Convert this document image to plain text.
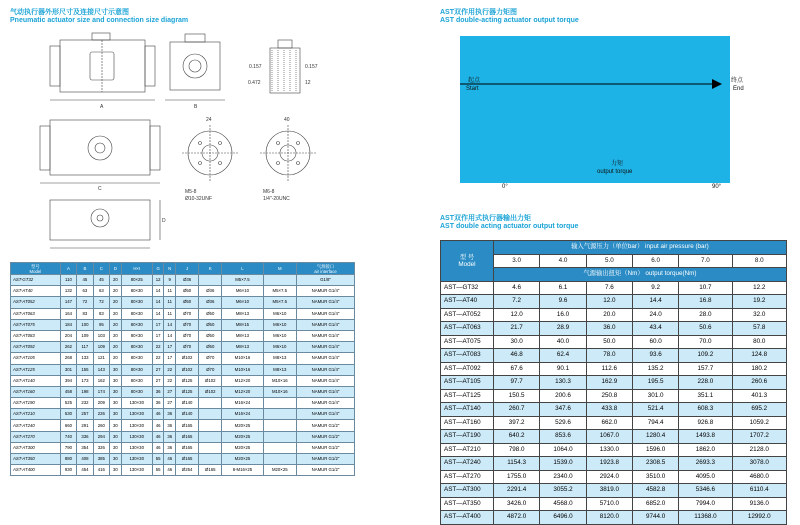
气动执行器外形尺寸及连接尺寸示意图
Pneumatic actuator size and connection size diagram
A	B
C
D
0.157	0.157
0.472	12
24	40
M5-8
Ø10-32UNF
M6-8
1/4"-20UNC
型号
Model	A	B	C	D	H×I	G	N	J	K	L	M	气源接口
air interface
AST-GT32	110	45	45	20	80×25	12	9	Ø36		M5×7.5		G1/8"
AST-AT40	132	63	63	20	80×30	14	11	Ø50	Ø36	M6×10	M5×7.5	NAMUR G1/4"
AST-AT052	147	72	72	20	80×30	14	11	Ø50	Ø36	M6×10	M5×7.5	NAMUR G1/4"
AST-AT063	164	83	83	20	80×30	14	11	Ø70	Ø50	M8×13	M6×10	NAMUR G1/4"
AST-AT075	184	100	95	20	80×30	17	14	Ø70	Ø50	M8×15	M6×10	NAMUR G1/4"
AST-AT083	204	109	103	20	80×30	17	14	Ø70	Ø50	M8×13	M6×10	NAMUR G1/4"
AST-AT092	262	117	109	20	80×30	22	17	Ø70	Ø50	M8×13	M6×10	NAMUR G1/4"
AST-AT105	268	133	121	20	80×30	22	17	Ø102	Ø70	M10×16	M8×13	NAMUR G1/4"
AST-AT125	301	155	143	30	80×30	27	22	Ø102	Ø70	M10×16	M8×13	NAMUR G1/4"
AST-AT140	394	173	162	30	80×30	27	22	Ø125	Ø102	M12×20	M10×16	NAMUR G1/4"
AST-AT160	458	198	174	30	80×30	36	27	Ø125	Ø102	M12×20	M10×16	NAMUR G1/4"
AST-AT190	525	232	209	30	130×30	36	27	Ø140		M16×24		NAMUR G1/4"
AST-AT210	530	257	226	30	130×30	46	36	Ø140		M16×24		NAMUR G1/4"
AST-AT240	660	291	260	30	130×30	46	36	Ø165		M20×25		NAMUR G1/2"
AST-AT270	740	336	294	30	130×30	46	36	Ø165		M20×25		NAMUR G1/2"
AST-AT300	790	354	326	30	130×30	46	36	Ø165		M20×25		NAMUR G1/2"
AST-AT350	880	408	385	30	130×30	55	46	Ø165		M20×25		NAMUR G1/2"
AST-AT400	930	454	416	30	130×30	55	46	Ø254	Ø165	8-M16×25	M20×25	NAMUR G1/2"
AST双作用执行器力矩图
AST double-acting actuator output torque
起点
Start
终点
End
力矩
output torque
0°	90°
AST双作用式执行器输出力矩
AST double acting actuator output torque
型 号
Model	输入气源压力（单位bar） input air pressure (bar)					
	3.0	4.0	5.0	6.0	7.0	8.0
	气源输出扭矩（Nm） output torque(Nm)					
AST—GT32	4.6	6.1	7.6	9.2	10.7	12.2
AST—AT40	7.2	9.6	12.0	14.4	16.8	19.2
AST—AT052	12.0	16.0	20.0	24.0	28.0	32.0
AST—AT063	21.7	28.9	36.0	43.4	50.6	57.8
AST—AT075	30.0	40.0	50.0	60.0	70.0	80.0
AST—AT083	46.8	62.4	78.0	93.6	109.2	124.8
AST—AT092	67.6	90.1	112.6	135.2	157.7	180.2
AST—AT105	97.7	130.3	162.9	195.5	228.0	260.6
AST—AT125	150.5	200.6	250.8	301.0	351.1	401.3
AST—AT140	260.7	347.6	433.8	521.4	608.3	695.2
AST—AT160	397.2	529.6	662.0	794.4	926.8	1059.2
AST—AT190	640.2	853.6	1067.0	1280.4	1493.8	1707.2
AST—AT210	798.0	1064.0	1330.0	1596.0	1862.0	2128.0
AST—AT240	1154.3	1539.0	1923.8	2308.5	2693.3	3078.0
AST—AT270	1755.0	2340.0	2924.0	3510.0	4095.0	4680.0
AST—AT300	2291.4	3055.2	3819.0	4582.8	5346.6	6110.4
AST—AT350	3426.0	4568.0	5710.0	6852.0	7994.0	9136.0
AST—AT400	4872.0	6496.0	8120.0	9744.0	11368.0	12992.0
